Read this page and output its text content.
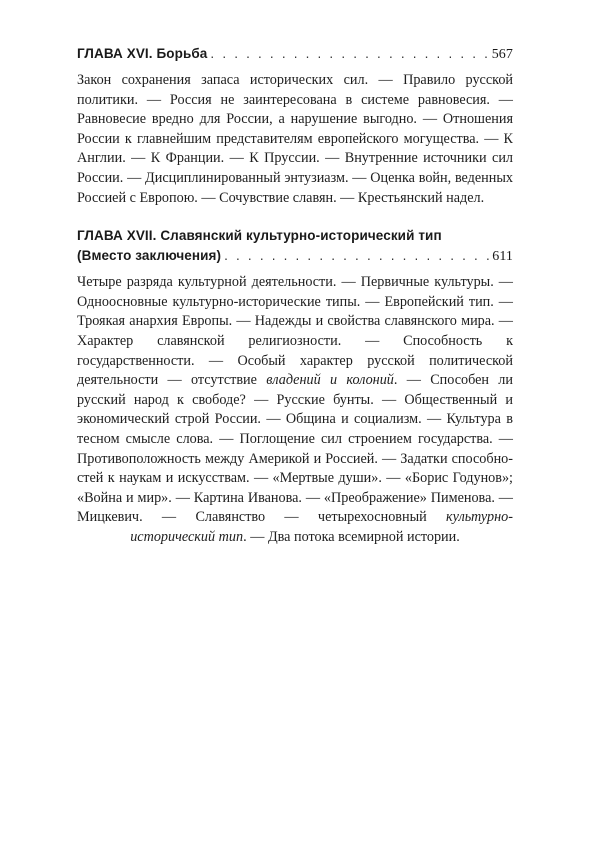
ГЛАВА XVI. Борьба . . .	567
Закон сохранения запаса исторических сил. — Правило русской политики. — Россия не заинтересована в системе равновесия. — Равновесие вредно для России, а нарушение выгодно. — Отношения России к главнейшим представителям европейского могущества. — К Англии. — К Франции. — К Пруссии. — Внутренние источники сил России. — Дисциплинированный энтузиазм. — Оценка войн, веденных Россией с Европою. — Сочувствие славян. — Крестьянский надел.
ГЛАВА XVII. Славянский культурно-исторический тип
(Вместо заключения) . . .	611
Четыре разряда культурной деятельности. — Первичные культуры. — Одноосновные культурно-исторические типы. — Европейский тип. — Троякая анархия Европы. — Надежды и свойства славянского мира. — Характер славянской религиозности. — Способность к государственности. — Особый характер русской политической деятельности — отсутствие владений и колоний. — Способен ли русский народ к свободе? — Русские бунты. — Общественный и экономический строй России. — Община и социализм. — Культура в тесном смысле слова. — Поглощение сил строением государства. — Противоположность между Америкой и Россией. — Задатки способностей к наукам и искусствам. — «Мертвые души». — «Борис Годунов»; «Война и мир». — Картина Иванова. — «Преображение» Пименова. — Мицкевич. — Славянство — четырехосновный культурно-исторический тип. — Два потока всемирной истории.
